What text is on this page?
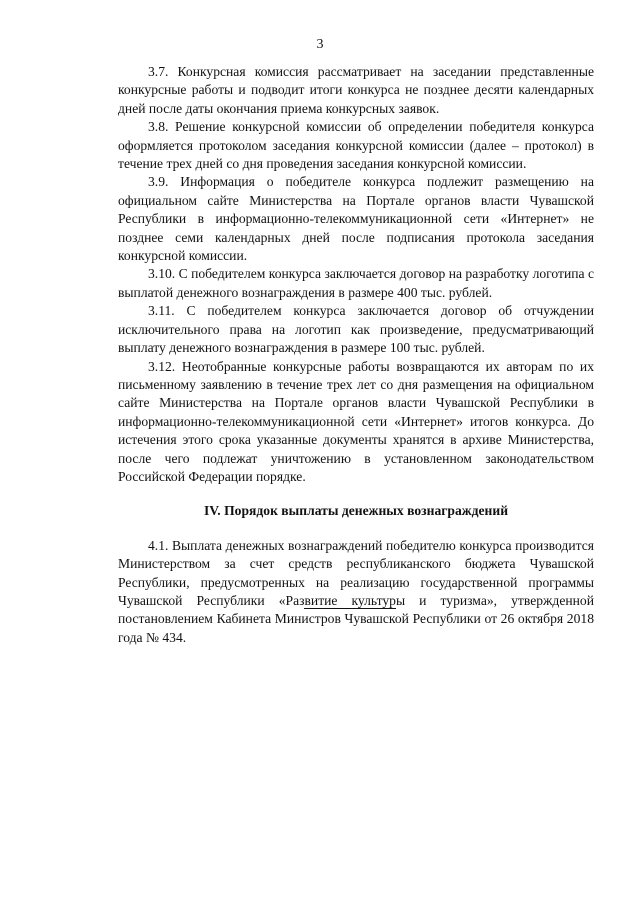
3

3.7. Конкурсная комиссия рассматривает на заседании представленные конкурсные работы и подводит итоги конкурса не позднее десяти календарных дней после даты окончания приема конкурсных заявок.

3.8. Решение конкурсной комиссии об определении победителя конкурса оформляется протоколом заседания конкурсной комиссии (далее – протокол) в течение трех дней со дня проведения заседания конкурсной комиссии.

3.9. Информация о победителе конкурса подлежит размещению на официальном сайте Министерства на Портале органов власти Чувашской Республики в информационно-телекоммуникационной сети «Интернет» не позднее семи календарных дней после подписания протокола заседания конкурсной комиссии.

3.10. С победителем конкурса заключается договор на разработку логотипа с выплатой денежного вознаграждения в размере 400 тыс. рублей.

3.11. С победителем конкурса заключается договор об отчуждении исключительного права на логотип как произведение, предусматривающий выплату денежного вознаграждения в размере 100 тыс. рублей.

3.12. Неотобранные конкурсные работы возвращаются их авторам по их письменному заявлению в течение трех лет со дня размещения на официальном сайте Министерства на Портале органов власти Чувашской Республики в информационно-телекоммуникационной сети «Интернет» итогов конкурса. До истечения этого срока указанные документы хранятся в архиве Министерства, после чего подлежат уничтожению в установленном законодательством Российской Федерации порядке.

IV. Порядок выплаты денежных вознаграждений

4.1. Выплата денежных вознаграждений победителю конкурса производится Министерством за счет средств республиканского бюджета Чувашской Республики, предусмотренных на реализацию государственной программы Чувашской Республики «Развитие культуры и туризма», утвержденной постановлением Кабинета Министров Чувашской Республики от 26 октября 2018 года № 434.
